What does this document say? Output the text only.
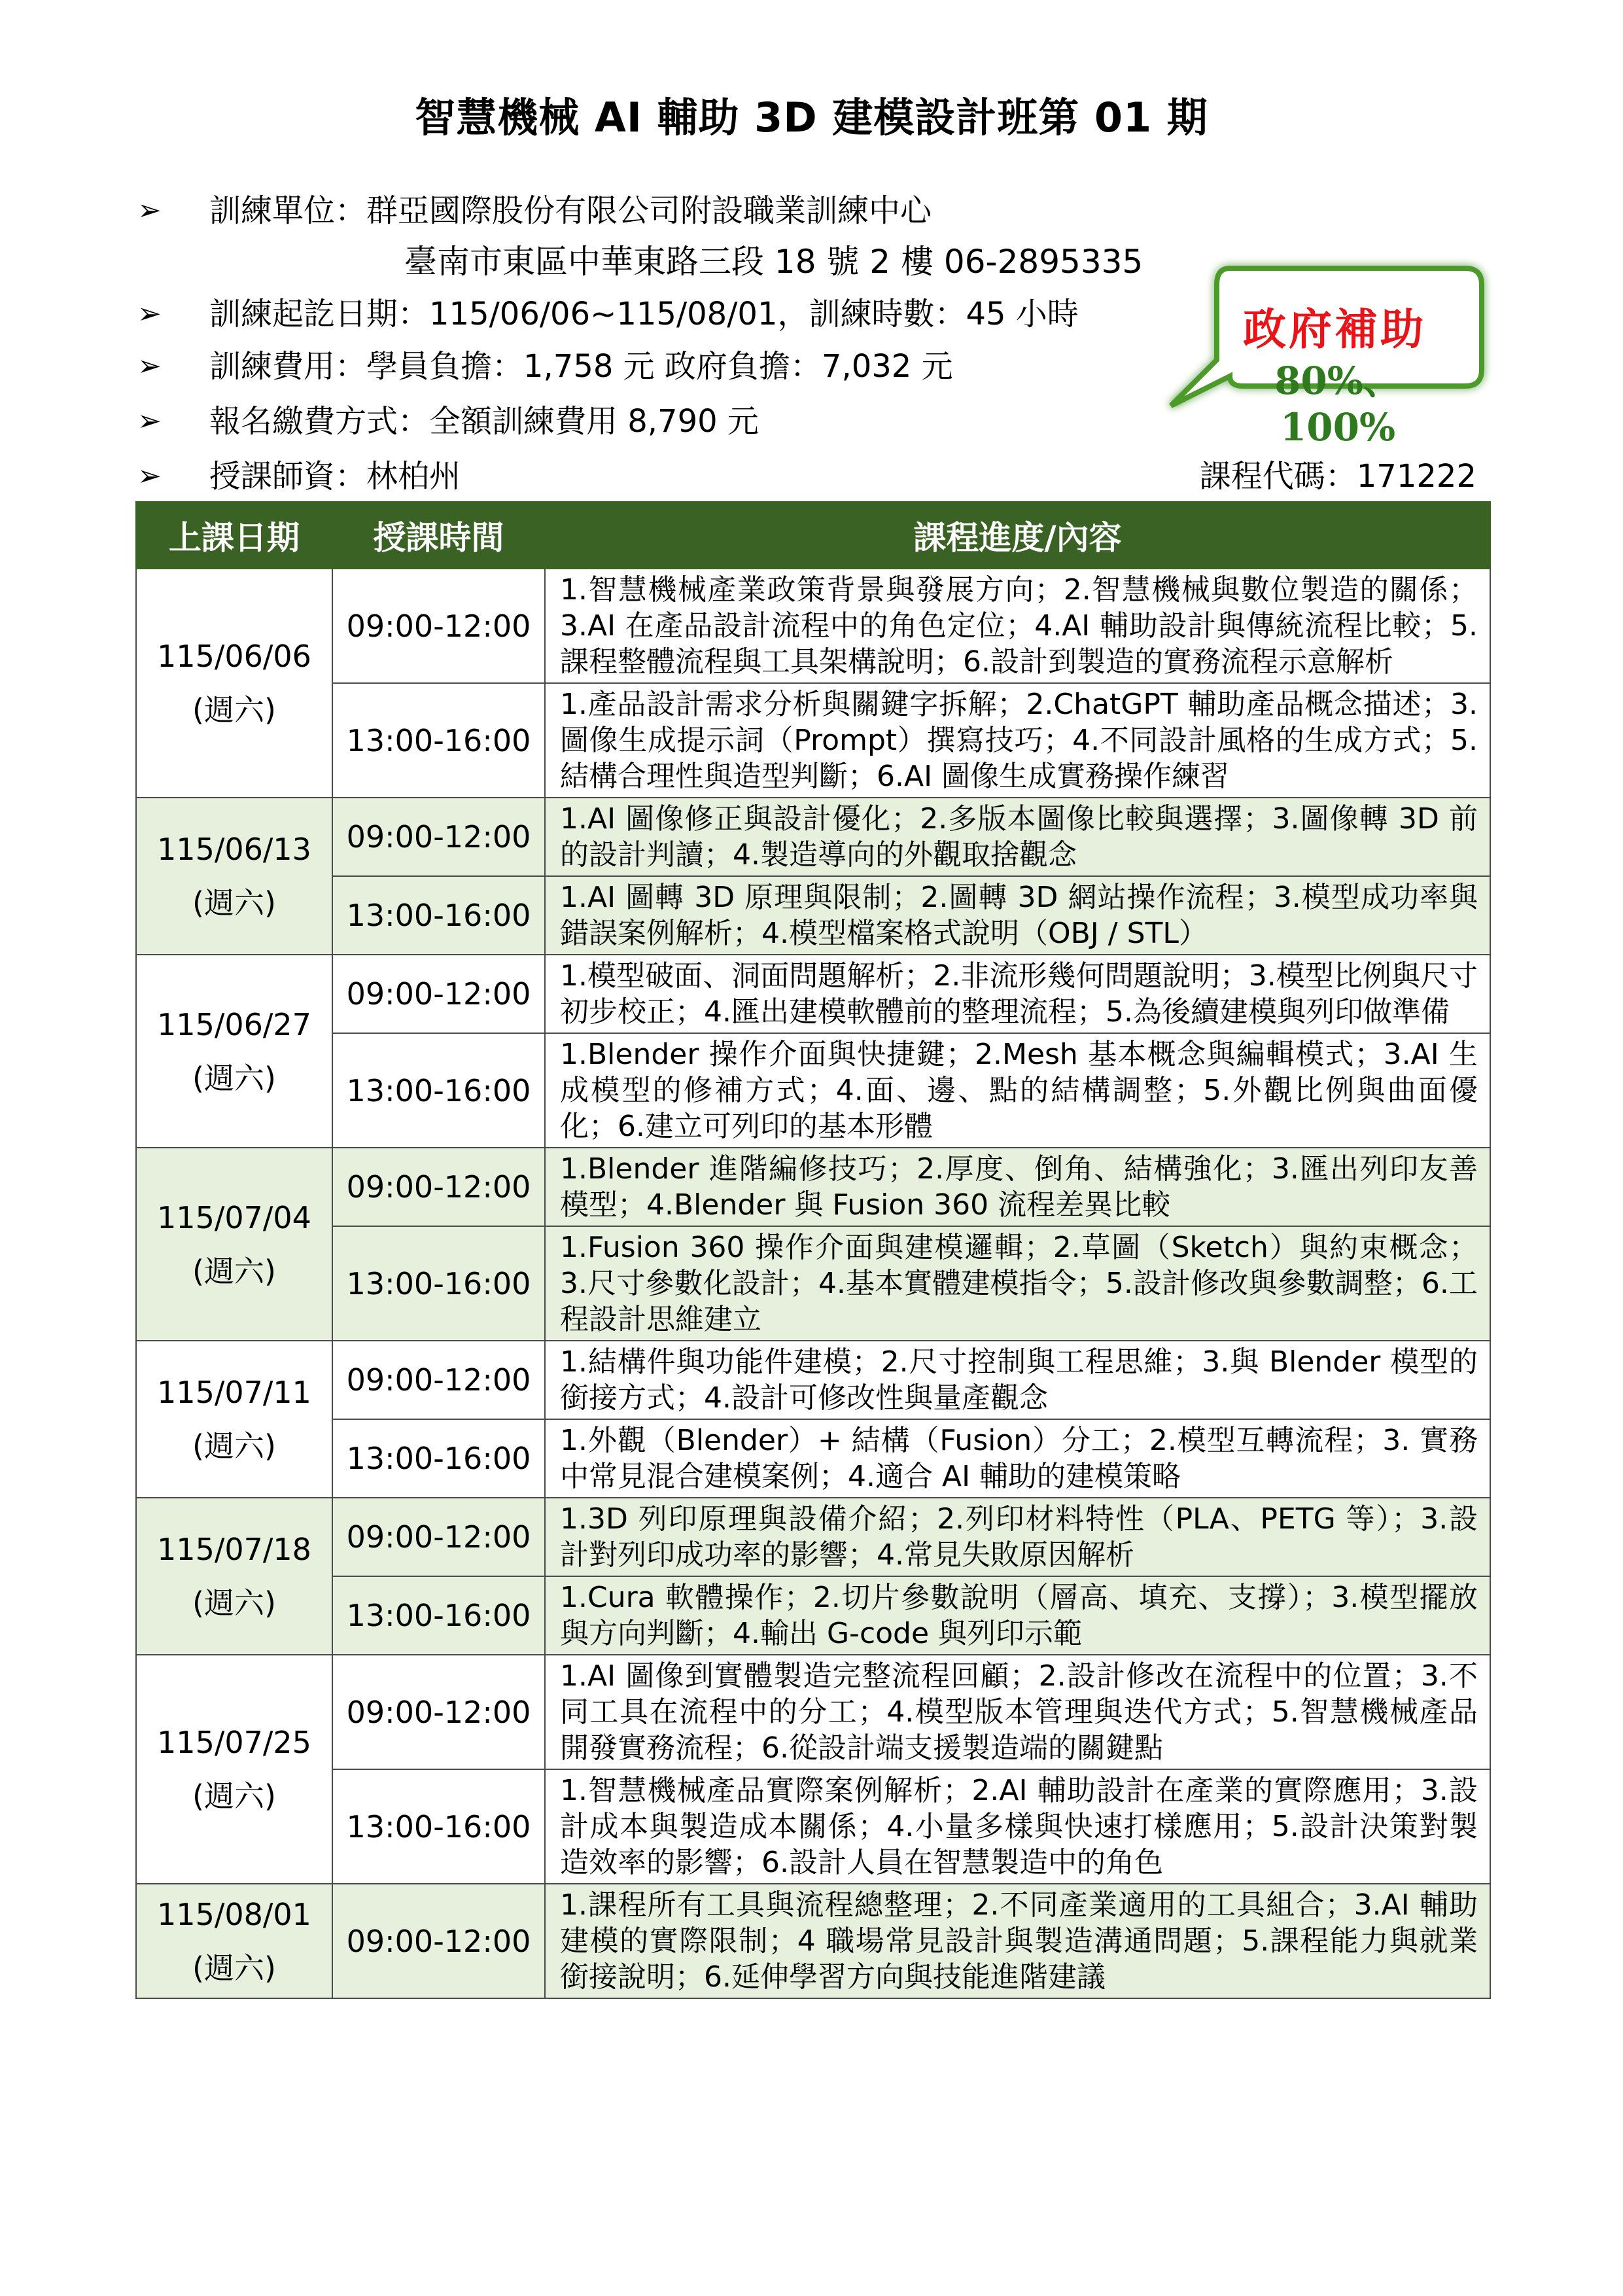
智慧機械 AI 輔助 3D 建模設計班第 01 期
➢ 訓練單位：群亞國際股份有限公司附設職業訓練中心
臺南市東區中華東路三段 18 號 2 樓 06-2895335
➢ 訓練起訖日期：115/06/06~115/08/01，訓練時數：45 小時
➢ 訓練費用：學員負擔：1,758 元 政府負擔：7,032 元
➢ 報名繳費方式：全額訓練費用 8,790 元
➢ 授課師資：林柏州	課程代碼：171222
政府補助
80%、100%
上課日期	授課時間	課程進度/內容

115/06/06
(週六)	09:00-12:00	1.智慧機械產業政策背景與發展方向；2.智慧機械與數位製造的關係；3.AI 在產品設計流程中的角色定位；4.AI 輔助設計與傳統流程比較；5.課程整體流程與工具架構說明；6.設計到製造的實務流程示意解析
	13:00-16:00	1.產品設計需求分析與關鍵字拆解；2.ChatGPT 輔助產品概念描述；3.圖像生成提示詞（Prompt）撰寫技巧；4.不同設計風格的生成方式；5.結構合理性與造型判斷；6.AI 圖像生成實務操作練習

115/06/13
(週六)	09:00-12:00	1.AI 圖像修正與設計優化；2.多版本圖像比較與選擇；3.圖像轉 3D 前的設計判讀；4.製造導向的外觀取捨觀念
	13:00-16:00	1.AI 圖轉 3D 原理與限制；2.圖轉 3D 網站操作流程；3.模型成功率與錯誤案例解析；4.模型檔案格式說明（OBJ / STL）

115/06/27
(週六)	09:00-12:00	1.模型破面、洞面問題解析；2.非流形幾何問題說明；3.模型比例與尺寸初步校正；4.匯出建模軟體前的整理流程；5.為後續建模與列印做準備
	13:00-16:00	1.Blender 操作介面與快捷鍵；2.Mesh 基本概念與編輯模式；3.AI 生成模型的修補方式；4.面、邊、點的結構調整；5.外觀比例與曲面優化；6.建立可列印的基本形體

115/07/04
(週六)	09:00-12:00	1.Blender 進階編修技巧；2.厚度、倒角、結構強化；3.匯出列印友善模型；4.Blender 與 Fusion 360 流程差異比較
	13:00-16:00	1.Fusion 360 操作介面與建模邏輯；2.草圖（Sketch）與約束概念；3.尺寸參數化設計；4.基本實體建模指令；5.設計修改與參數調整；6.工程設計思維建立

115/07/11
(週六)	09:00-12:00	1.結構件與功能件建模；2.尺寸控制與工程思維；3.與 Blender 模型的銜接方式；4.設計可修改性與量產觀念
	13:00-16:00	1.外觀（Blender）+ 結構（Fusion）分工；2.模型互轉流程；3. 實務中常見混合建模案例；4.適合 AI 輔助的建模策略

115/07/18
(週六)	09:00-12:00	1.3D 列印原理與設備介紹；2.列印材料特性（PLA、PETG 等）；3.設計對列印成功率的影響；4.常見失敗原因解析
	13:00-16:00	1.Cura 軟體操作；2.切片參數說明（層高、填充、支撐）；3.模型擺放與方向判斷；4.輸出 G-code 與列印示範

115/07/25
(週六)	09:00-12:00	1.AI 圖像到實體製造完整流程回顧；2.設計修改在流程中的位置；3.不同工具在流程中的分工；4.模型版本管理與迭代方式；5.智慧機械產品開發實務流程；6.從設計端支援製造端的關鍵點
	13:00-16:00	1.智慧機械產品實際案例解析；2.AI 輔助設計在產業的實際應用；3.設計成本與製造成本關係；4.小量多樣與快速打樣應用；5.設計決策對製造效率的影響；6.設計人員在智慧製造中的角色

115/08/01
(週六)	09:00-12:00	1.課程所有工具與流程總整理；2.不同產業適用的工具組合；3.AI 輔助建模的實際限制；4 職場常見設計與製造溝通問題；5.課程能力與就業銜接說明；6.延伸學習方向與技能進階建議
